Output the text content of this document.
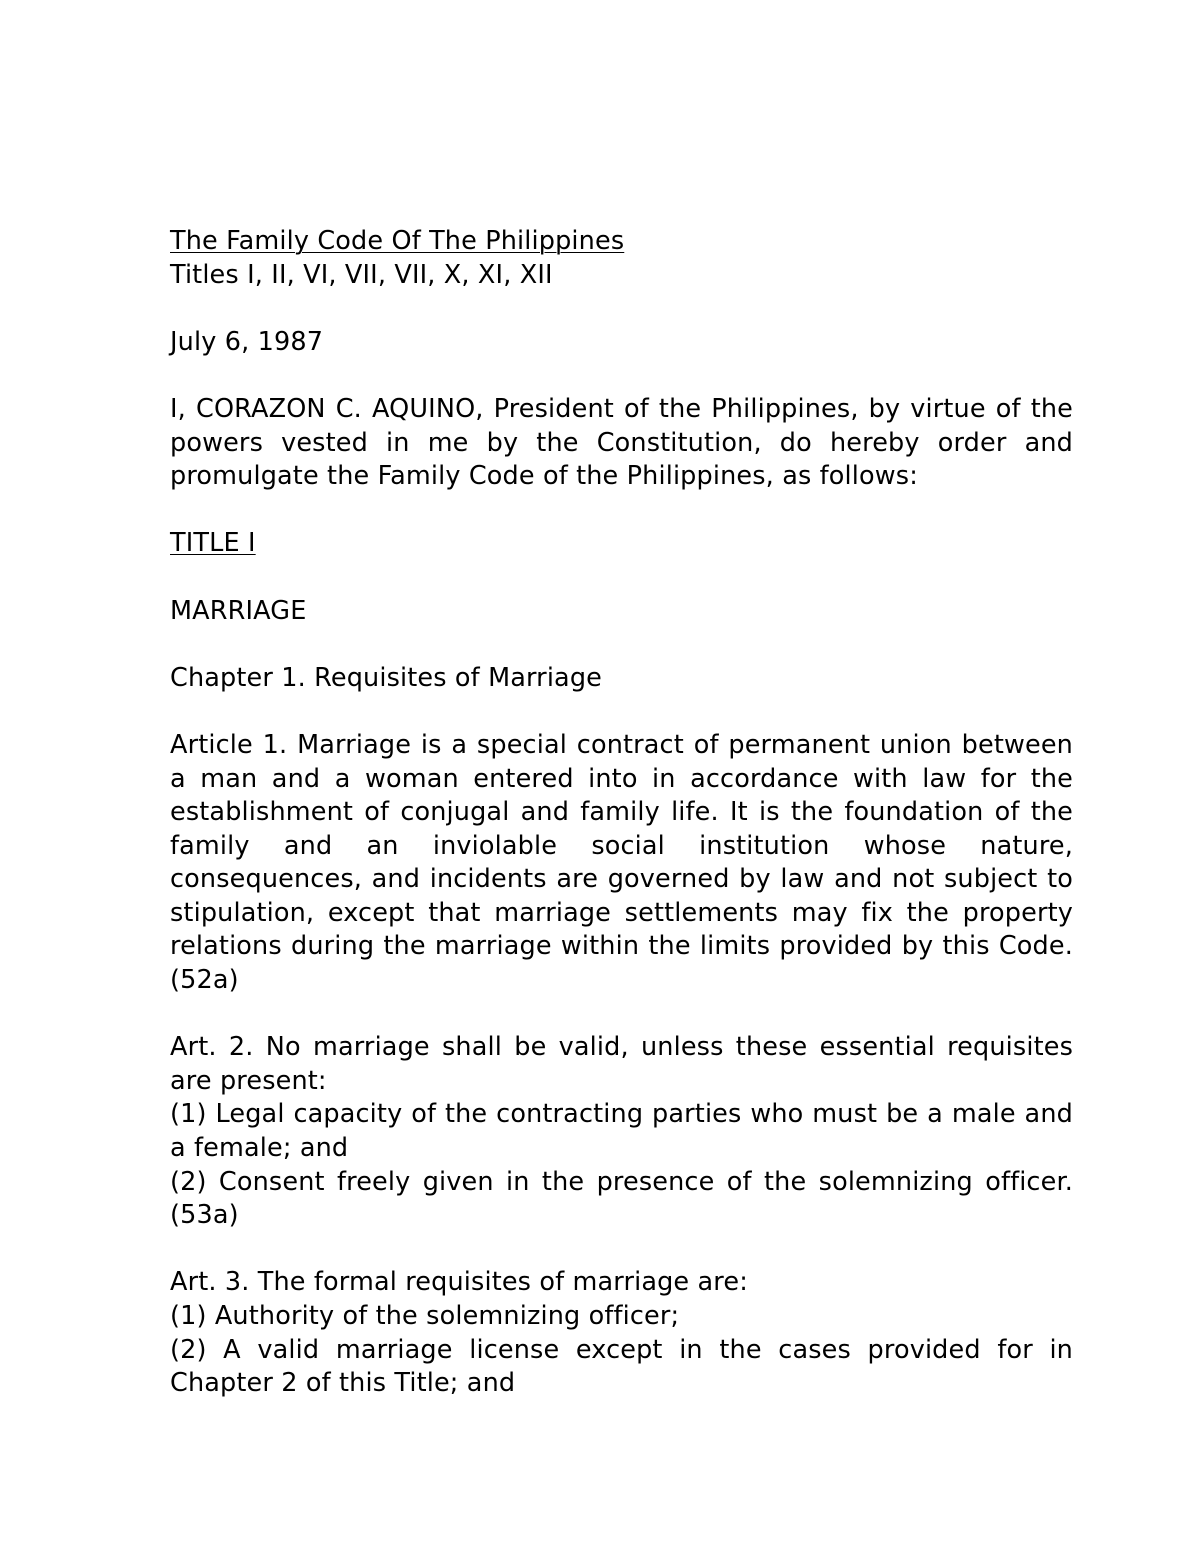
The Family Code Of The Philippines

Titles I, II, VI, VII, VII, X, XI, XII

July 6, 1987

I, CORAZON C. AQUINO, President of the Philippines, by virtue of the powers vested in me by the Constitution, do hereby order and promulgate the Family Code of the Philippines, as follows:

TITLE I

MARRIAGE

Chapter 1. Requisites of Marriage

Article 1. Marriage is a special contract of permanent union between a man and a woman entered into in accordance with law for the establishment of conjugal and family life. It is the foundation of the family and an inviolable social institution whose nature, consequences, and incidents are governed by law and not subject to stipulation, except that marriage settlements may fix the property relations during the marriage within the limits provided by this Code. (52a)

Art. 2. No marriage shall be valid, unless these essential requisites are present:

(1) Legal capacity of the contracting parties who must be a male and a female; and

(2) Consent freely given in the presence of the solemnizing officer. (53a)

Art. 3. The formal requisites of marriage are:

(1) Authority of the solemnizing officer;

(2) A valid marriage license except in the cases provided for in Chapter 2 of this Title; and
